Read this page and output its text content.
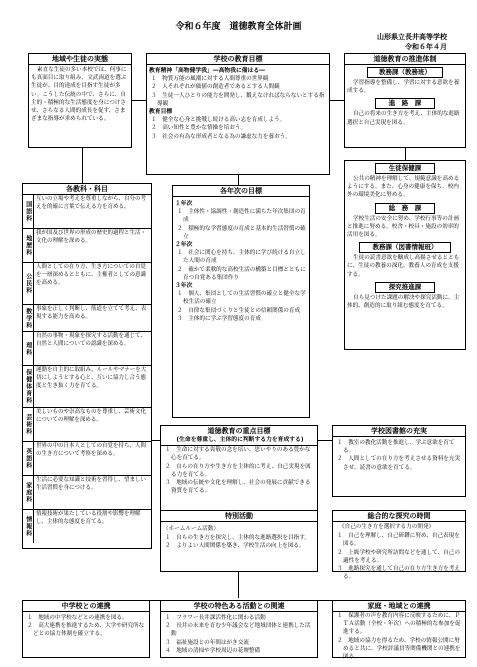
令和６年度　道徳教育全体計画
山形県立長井高等学校
令和６年４月
地域や生徒の実態
素直な生徒の多い本校では、何事にも真面目に取り組み、文武両道を選ぶ生徒が、目的達成を目指す生徒が多い。こうした伝統の中で、さらに、自主的・積極的な生活態度を身につけさせ、さらなる人間的成長を促す、さまざまな指導が求められている。
学校の教育目標
教育精神「高物健学我」―高物我に備はる―
１　物質万能の風潮に対する人間尊重の世界観
２　人それぞれが価値の創造者であるとする人間観
３　生徒一人ひとりの能力を開発し、鍛えなければならないとする指導観
教育目標
１　健全な心身と挑戦し続ける高い志を育成しよう。
２　高い知性と豊かな情操を培おう。
３　社会の有為な形成者となる為の謙虚な力を養おう。
道徳教育の推進体制
教務課（教務班）
学習指導を整備し、学習に対する意欲を養成する。
進　路　課
自己の将来の生き方を考え、主体的な進路選択と自己実現を図る。
生徒保健課
公共の精神を理解して、規範意識を高めるようにする。また、心身の健康を保ち、校内外の環境美化に努める。
総　務　課
学校生活の安全に努め、学校行事等の計画と推進に努める。校舎・校具・施設の効率的活用を図る。
教務課（図書情報班）
生徒の読書意欲を醸成し高揚させるとともに、生徒の教養の深化、教養人の育成を支援する。
探究推進課
自ら見つけた課題の解決や探究活動に、主体的、創造的に取り組む態度を育てる。
各教科・科目
国語科
互いの立場や考えを尊重しながら、自分の考えを的確に言葉で伝える力を育める。
地歴科
我が国及び世界の形成の歴史的過程と生活・文化の理解を深める。
公民科
人間としての在り方、生き方についての自覚を一層深めるとともに、主権者としての意識を高める。
数学科 事象を正しく判断し、筋道を立てて考え、表現する能力を高める。
理科
自然の事物・現象を探究する活動を通じて、自然と人間についての認識を深める。
保健体育科 運動を自主的に取組み、ルールやマナーを大切にしようとする心と、互いに協力し合う態度と生き抜く力を育てる。
芸術科
美しいものや崇高なものを尊重し、芸術文化についての理解を深める。
英語科
世界の中の日本人としての自覚を持ち、人間の生き方について考察を深める。
家庭科
生活に必要な知識と技術を習得し、望ましい生活習慣を身につける。
情報科
情報技術が果たしている役割や影響を理解し、主体的な態度を育てる。
各年次の目標
１年次
１　主体性・協調性・創造性に満ちた年次集団の育成
２　積極的な学習態度の育成と基本的生活習慣の確立
２年次
１　社会に関心を持ち、主体的に学び続ける自立した人間の育成
２　確かで柔軟的な高校生活の構築と目標とともに育つ自覚ある集団作り
３年次
１　個人、集団としての生活習慣の確立と健全な学校生活の確立
２　自律な集団づくりと生徒との信頼関係の育成
３　主体的に学ぶ学習態度の育成
道徳教育の重点目標
(生命を尊重し、主体的に判断する力を育成する)
１　生命に対する畏敬の念を培い、思いやりのある豊かな心を育てる。
２　自らの在り方や生き方を主体的に考え、自己実現を図る力を育てる。
３　地域の伝統や文化を理解し、社会の発展に貢献できる資質を育てる。
学校図書館の充実
１　教室の教化活動を推進し、学ぶ意欲を育てる。
２　人間としての在り方を考えさせる資料を充実させ、読書の意欲を育てる。
特別活動
（ホームルーム活動）
１　自らの生き方を探究し、主体的な進路選択を目指す。
２　よりよい人間関係を築き、学校生活の向上を図る。
総合的な探究の時間
《自己の生き方を選択する力の開発》
１　自己を理解し、自己研鑽に努め、自己表現を図る。
２　上級学校や研究所訪問などを通して、自己の適性を考える。
３　進路探究を通して自己の在り方生き方を考える。
中学校との連携
１　地域の中学校などとの連携を図る。
２　高大連携を推進するため、大学や研究所などとの協力体制を確立する。
学校の特色ある活動との関連
１　フラワー長井課活性化に関わる活動
２　長井の未来を育む少年議会など地域団体と連携した活動
３　福祉施設との年間はがき交流
４　地域の清掃や学校周辺の花壇整備
家庭・地域との連携
１　保護者の声を教育内容に反映するために、ＰＴＡ活動（全校・年次）への積極的な参加を促進する。
２　地域の協力を得るため、学校の情報公開に努めると共に、学校評議員等関係機関との連携を図る。
